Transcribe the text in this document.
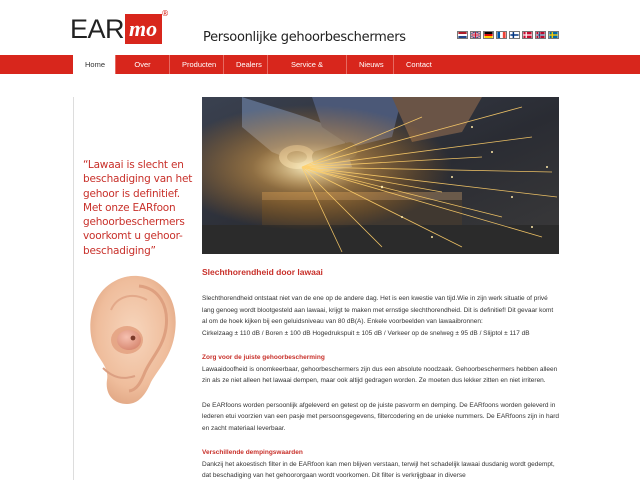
EAR mo
®
Persoonlijke gehoorbeschermers
Home	Over EARmo
Producten	Dealers	Service & garantie
Nieuws	Contact
“Lawaai is slecht en beschadiging van het gehoor is definitief. Met onze EARfoon gehoorbeschermers voorkomt u gehoor-beschadiging”
Slechthorendheid door lawaai

Slechthorendheid ontstaat niet van de ene op de andere dag. Het is een kwestie van tijd.Wie in zijn werk situatie of privé lang genoeg wordt blootgesteld aan lawaai, krijgt te maken met ernstige slechthorendheid. Dit is definitief! Dit gevaar komt al om de hoek kijken bij een geluidsniveau van 80 dB(A). Enkele voorbeelden van lawaaibronnen:

Cirkelzaag ± 110 dB / Boren ± 100 dB Hogedrukspuit ± 105 dB / Verkeer op de snelweg ± 95 dB / Slijptol ± 117 dB

Zorg voor de juiste gehoorbescherming

Lawaaidoofheid is onomkeerbaar, gehoorbeschermers zijn dus een absolute noodzaak. Gehoorbeschermers hebben alleen zin als ze niet alleen het lawaai dempen, maar ook altijd gedragen worden. Ze moeten dus lekker zitten en niet irriteren.

De EARfoons worden persoonlijk afgeleverd en getest op de juiste pasvorm en demping. De EARfoons worden geleverd in lederen etui voorzien van een pasje met persoonsgegevens, filtercodering en de unieke nummers. De EARfoons zijn in hard en zacht materiaal leverbaar.

Verschillende dempingswaarden

Dankzij het akoestisch filter in de EARfoon kan men blijven verstaan, terwijl het schadelijk lawaai dusdanig wordt gedempt, dat beschadiging van het gehoororgaan wordt voorkomen. Dit filter is verkrijgbaar in diverse
